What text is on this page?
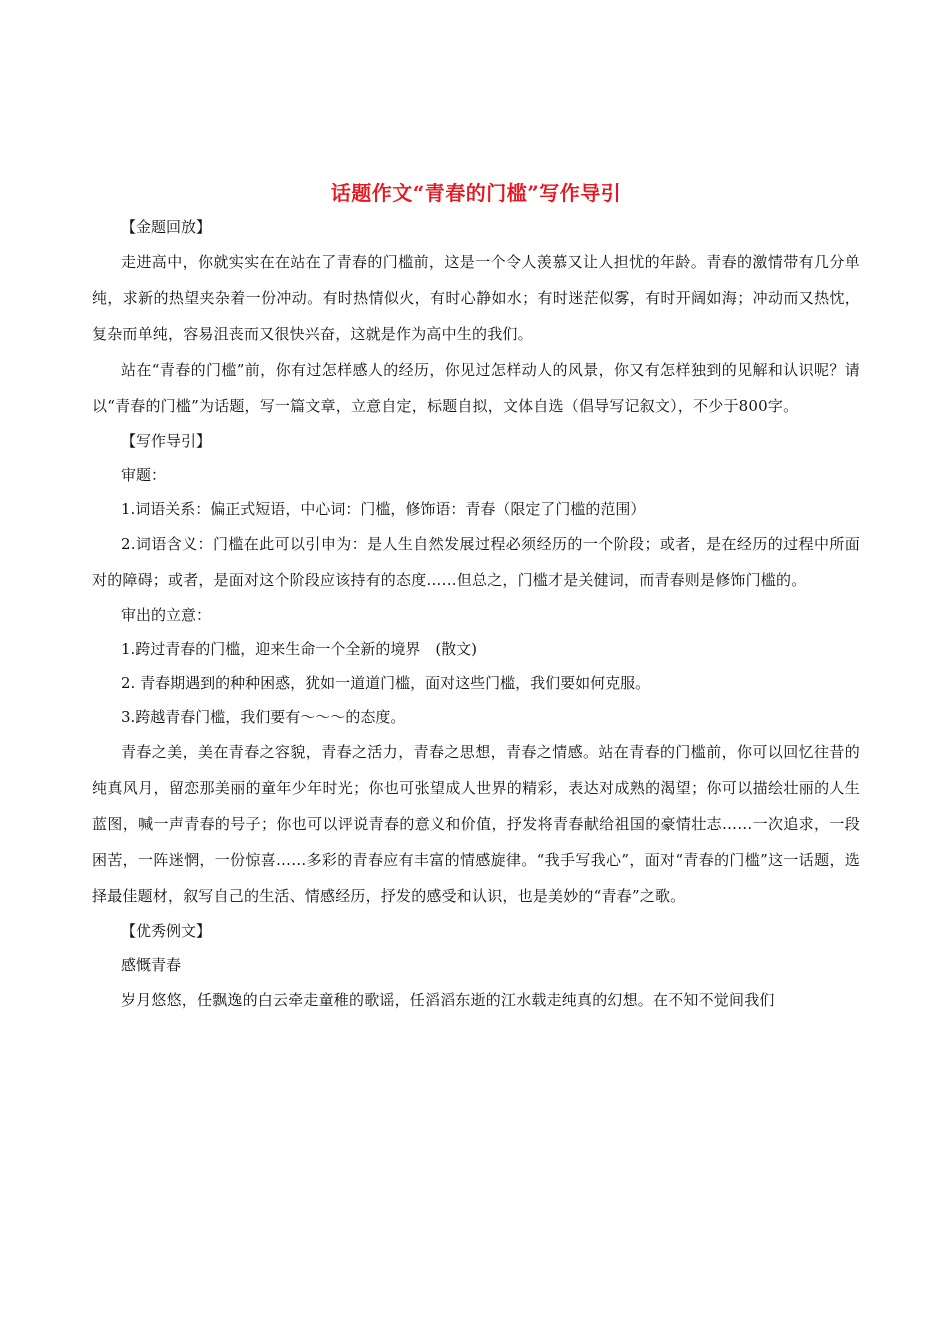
话题作文“青春的门槛”写作导引

【金题回放】

走进高中，你就实实在在站在了青春的门槛前，这是一个令人羡慕又让人担忧的年龄。青春的激情带有几分单纯，求新的热望夹杂着一份冲动。有时热情似火，有时心静如水；有时迷茫似雾，有时开阔如海；冲动而又热忱，复杂而单纯，容易沮丧而又很快兴奋，这就是作为高中生的我们。

站在“青春的门槛”前，你有过怎样感人的经历，你见过怎样动人的风景，你又有怎样独到的见解和认识呢？请以“青春的门槛”为话题，写一篇文章，立意自定，标题自拟，文体自选（倡导写记叙文），不少于800字。

【写作导引】

审题：

1.词语关系：偏正式短语，中心词：门槛，修饰语：青春（限定了门槛的范围）

2.词语含义：门槛在此可以引申为：是人生自然发展过程必须经历的一个阶段；或者，是在经历的过程中所面对的障碍；或者，是面对这个阶段应该持有的态度……但总之，门槛才是关健词，而青春则是修饰门槛的。

审出的立意：

1.跨过青春的门槛，迎来生命一个全新的境界　(散文)

2. 青春期遇到的种种困惑，犹如一道道门槛，面对这些门槛，我们要如何克服。

3.跨越青春门槛，我们要有～～～的态度。

青春之美，美在青春之容貌，青春之活力，青春之思想，青春之情感。站在青春的门槛前，你可以回忆往昔的纯真风月，留恋那美丽的童年少年时光；你也可张望成人世界的精彩，表达对成熟的渴望；你可以描绘壮丽的人生蓝图，喊一声青春的号子；你也可以评说青春的意义和价值，抒发将青春献给祖国的豪情壮志……一次追求，一段困苦，一阵迷惘，一份惊喜……多彩的青春应有丰富的情感旋律。“我手写我心”，面对“青春的门槛”这一话题，选择最佳题材，叙写自己的生活、情感经历，抒发的感受和认识，也是美妙的“青春”之歌。

【优秀例文】

感慨青春

岁月悠悠，任飘逸的白云牵走童稚的歌谣，任滔滔东逝的江水载走纯真的幻想。在不知不觉间我们
